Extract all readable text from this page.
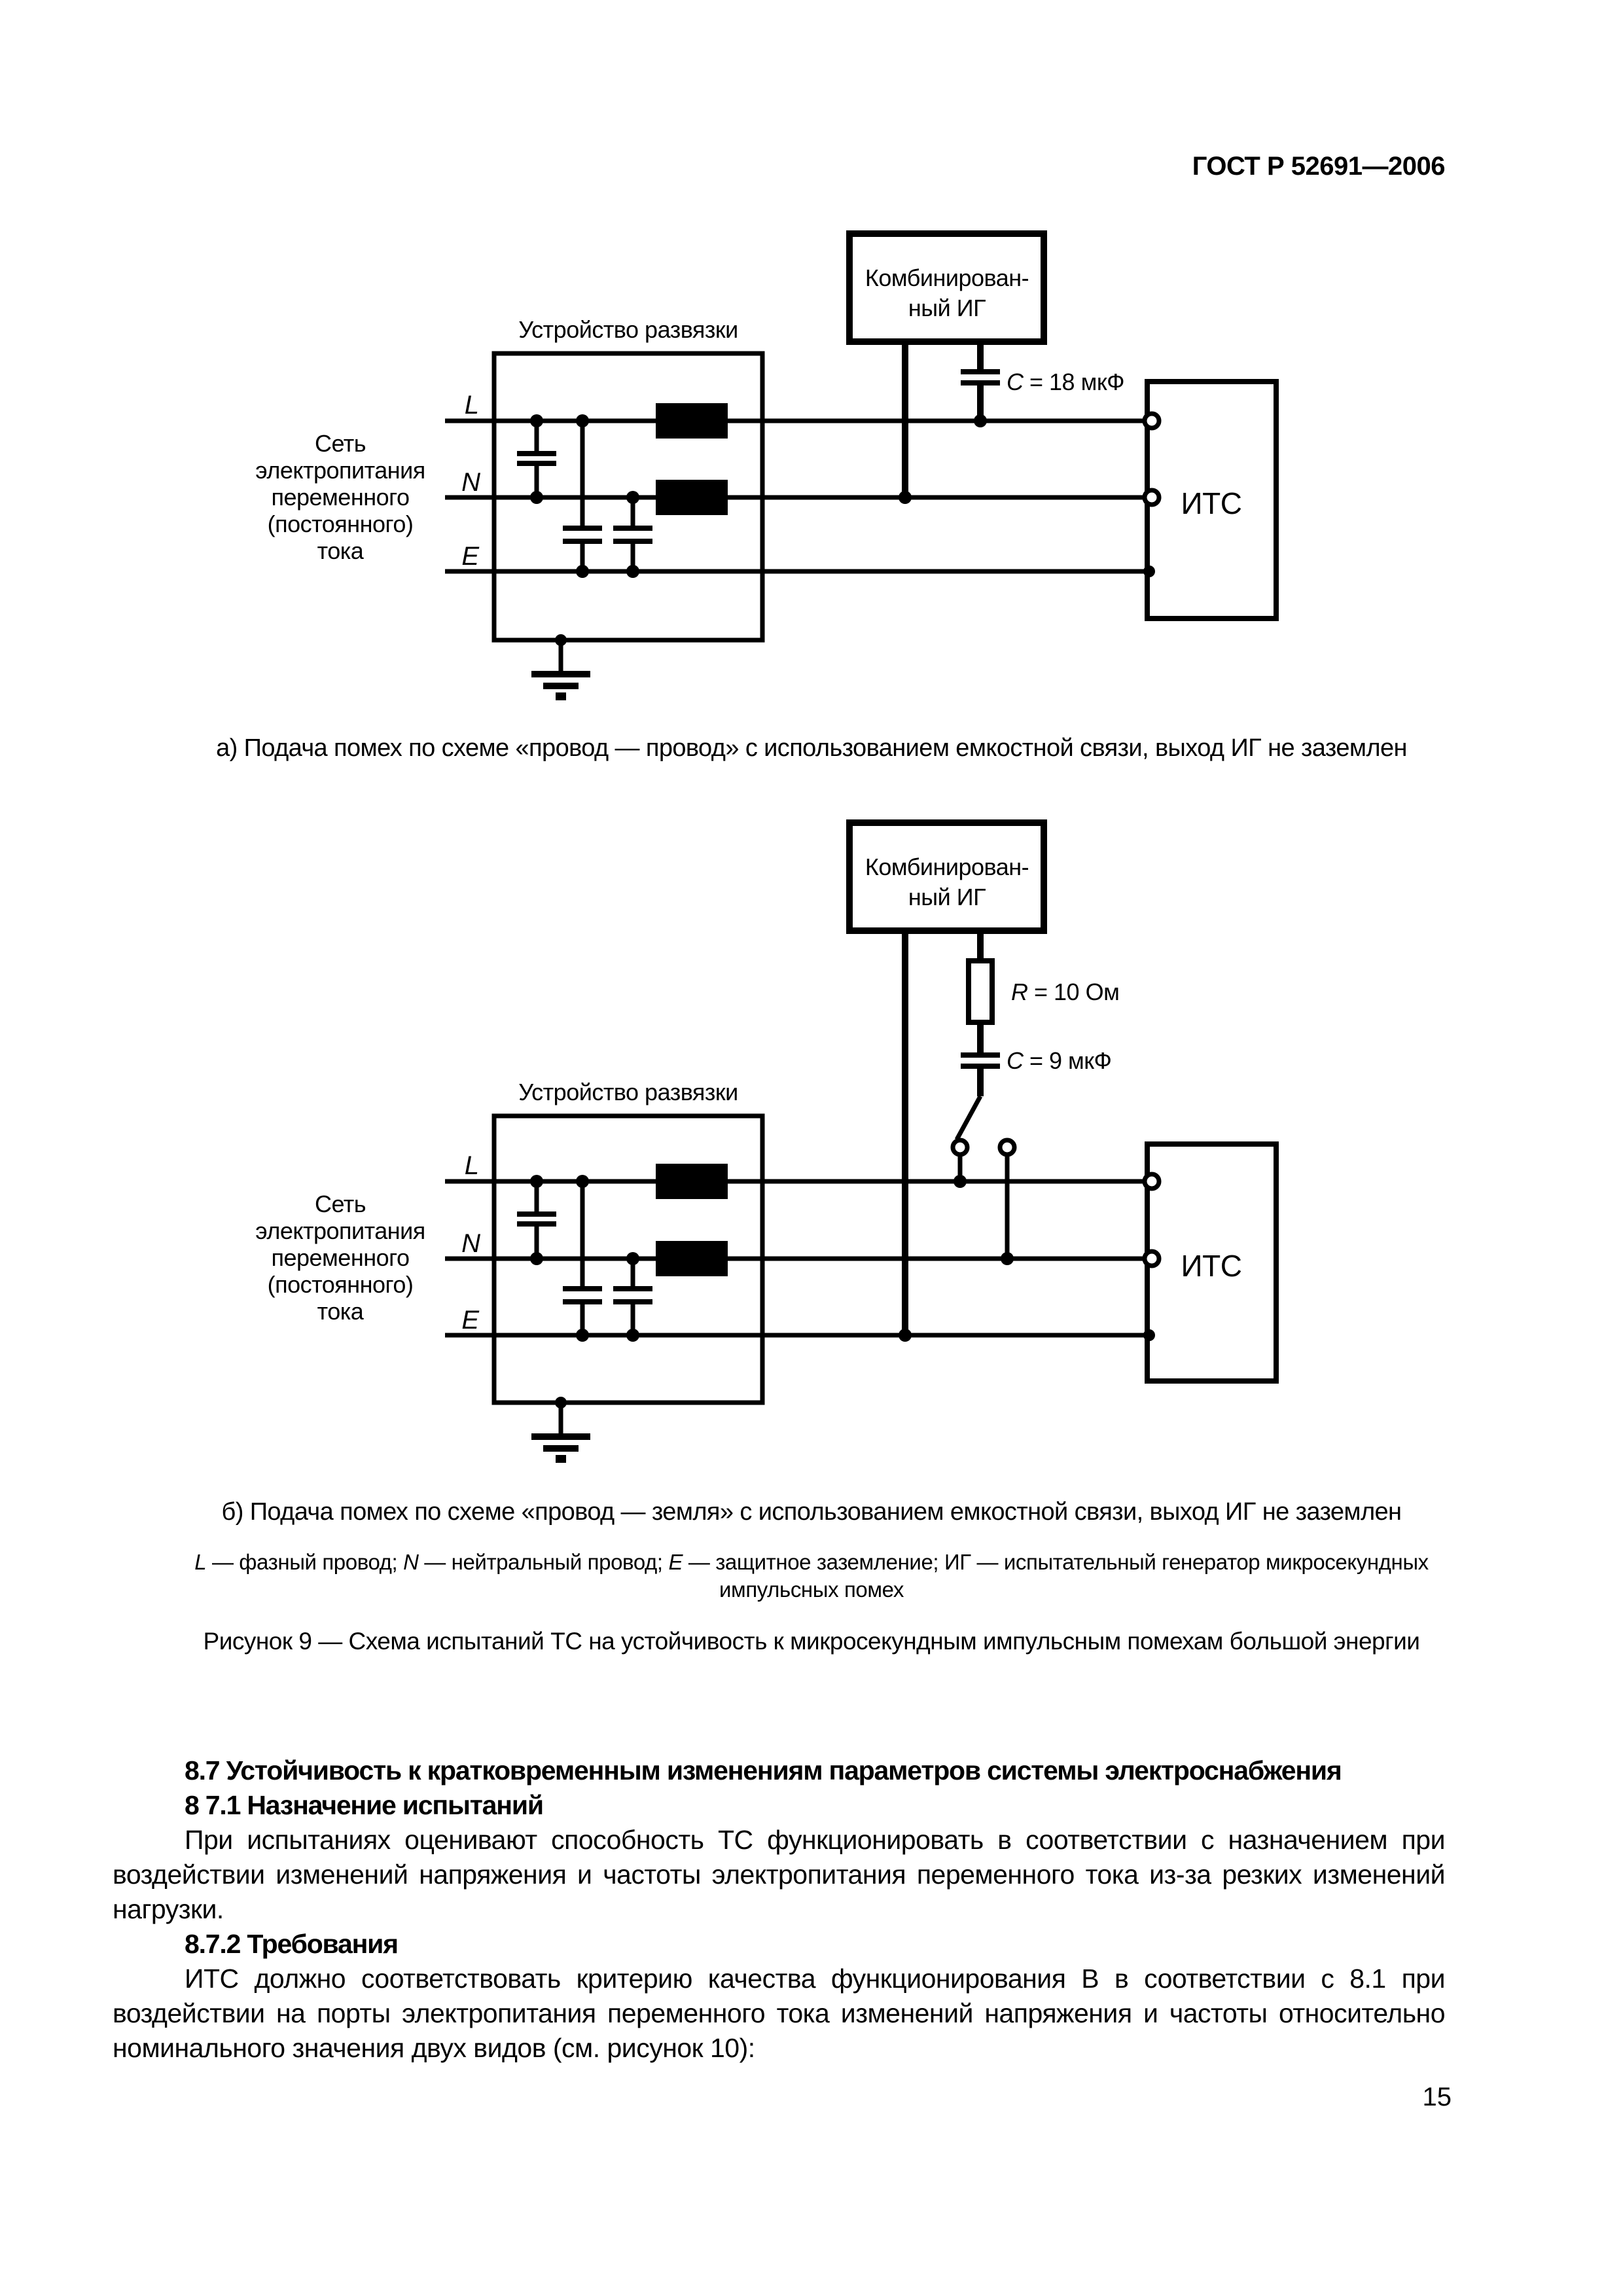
ГОСТ Р 52691—2006
Устройство развязки
Комбинирован-
ный ИГ
ИТС
L
N
E
Сеть
электропитания
переменного
(постоянного)
тока
C = 18 мкФ
а) Подача помех по схеме «провод — провод» с использованием емкостной связи, выход ИГ не заземлен
Устройство развязки
Комбинирован-
ный ИГ
ИТС
L
N
E
Сеть
электропитания
переменного
(постоянного)
тока
R = 10 Ом
C = 9 мкФ
б) Подача помех по схеме «провод — земля» с использованием емкостной связи, выход ИГ не заземлен
L — фазный провод; N — нейтральный провод; E — защитное заземление; ИГ — испытательный генератор микросекундных
импульсных помех
Рисунок 9 — Схема испытаний ТС на устойчивость к микросекундным импульсным помехам большой энергии
8.7 Устойчивость к кратковременным изменениям параметров системы электроснабжения
8 7.1 Назначение испытаний

При испытаниях оценивают способность ТС функционировать в соответствии с назначением при воздействии изменений напряжения и частоты электропитания переменного тока из-за резких изменений нагрузки.

8.7.2 Требования

ИТС должно соответствовать критерию качества функционирования В в соответствии с 8.1 при воздействии на порты электропитания переменного тока изменений напряжения и частоты относительно номинального значения двух видов (см. рисунок 10):

15
